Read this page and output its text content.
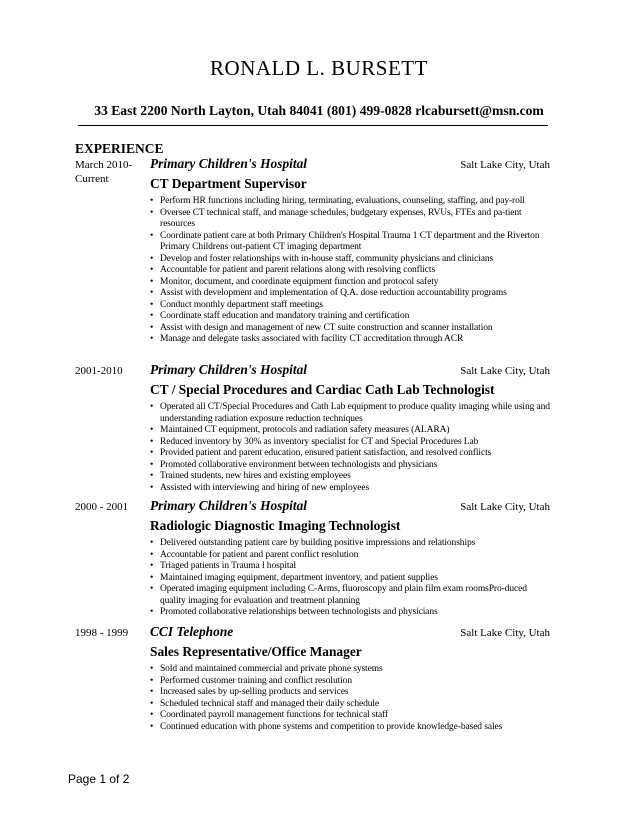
RONALD L. BURSETT
33 East 2200 North Layton, Utah 84041 (801) 499-0828 rlcabursett@msn.com
EXPERIENCE
March 2010-
Current
Primary Children's Hospital	Salt Lake City, Utah
CT Department Supervisor
• Perform HR functions including hiring, terminating, evaluations, counseling, staffing, and pay-roll
• Oversee CT technical staff, and manage schedules, budgetary expenses, RVUs, FTEs and pa-tient resources
• Coordinate patient care at both Primary Children's Hospital Trauma 1 CT department and the Riverton Primary Childrens out-patient CT imaging department
• Develop and foster relationships with in-house staff, community physicians and clinicians
• Accountable for patient and parent relations along with resolving conflicts
• Monitor, document, and coordinate equipment function and protocol safety
• Assist with development and implementation of Q.A. dose reduction accountability programs
• Conduct monthly department staff meetings
• Coordinate staff education and mandatory training and certification
• Assist with design and management of new CT suite construction and scanner installation
• Manage and delegate tasks associated with facility CT accreditation through ACR
2001-2010	Primary Children's Hospital	Salt Lake City, Utah
CT / Special Procedures and Cardiac Cath Lab Technologist
• Operated all CT/Special Procedures and Cath Lab equipment to produce quality imaging while using and understanding radiation exposure reduction techniques
• Maintained CT equipment, protocols and radiation safety measures (ALARA)
• Reduced inventory by 30% as inventory specialist for CT and Special Procedures Lab
• Provided patient and parent education, ensured patient satisfaction, and resolved conflicts
• Promoted collaborative environment between technologists and physicians
• Trained students, new hires and existing employees
• Assisted with interviewing and hiring of new employees
2000 - 2001	Primary Children's Hospital	Salt Lake City, Utah
Radiologic Diagnostic Imaging Technologist
• Delivered outstanding patient care by building positive impressions and relationships
• Accountable for patient and parent conflict resolution
• Triaged patients in Trauma l hospital
• Maintained imaging equipment, department inventory, and patient supplies
• Operated imaging equipment including C-Arms, fluoroscopy and plain film exam roomsPro-duced quality imaging for evaluation and treatment planning
• Promoted collaborative relationships between technologists and physicians
1998 - 1999	CCI Telephone	Salt Lake City, Utah
Sales Representative/Office Manager
• Sold and maintained commercial and private phone systems
• Performed customer training and conflict resolution
• Increased sales by up-selling products and services
• Scheduled technical staff and managed their daily schedule
• Coordinated payroll management functions for technical staff
• Continued education with phone systems and competition to provide knowledge-based sales
Page 1 of 2
